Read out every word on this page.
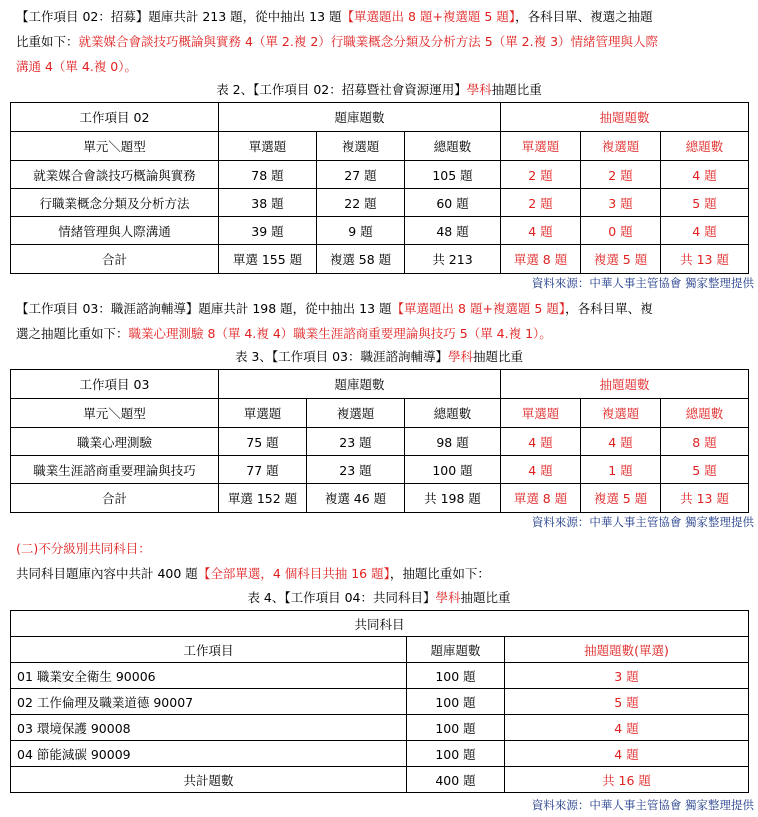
【工作項目 02：招募】題庫共計 213 題，從中抽出 13 題【單選題出 8 題+複選題 5 題】，各科目單、複選之抽題
比重如下：就業媒合會談技巧概論與實務 4（單 2.複 2）行職業概念分類及分析方法 5（單 2.複 3）情緒管理與人際
溝通 4（單 4.複 0）。
表 2、【工作項目 02：招募暨社會資源運用】學科抽題比重
工作項目 02	題庫題數			抽題題數		
單元＼題型	單選題	複選題	總題數	單選題	複選題	總題數
就業媒合會談技巧概論與實務	78 題	27 題	105 題	2 題	2 題	4 題
行職業概念分類及分析方法	38 題	22 題	60 題	2 題	3 題	5 題
情緒管理與人際溝通	39 題	9 題	48 題	4 題	0 題	4 題
合計	單選 155 題	複選 58 題	共 213	單選 8 題	複選 5 題	共 13 題
資料來源：中華人事主管協會 獨家整理提供
【工作項目 03：職涯諮詢輔導】題庫共計 198 題，從中抽出 13 題【單選題出 8 題+複選題 5 題】，各科目單、複
選之抽題比重如下：職業心理測驗 8（單 4.複 4）職業生涯諮商重要理論與技巧 5（單 4.複 1）。
表 3、【工作項目 03：職涯諮詢輔導】學科抽題比重
工作項目 03	題庫題數			抽題題數		
單元＼題型	單選題	複選題	總題數	單選題	複選題	總題數
職業心理測驗	75 題	23 題	98 題	4 題	4 題	8 題
職業生涯諮商重要理論與技巧	77 題	23 題	100 題	4 題	1 題	5 題
合計	單選 152 題	複選 46 題	共 198 題	單選 8 題	複選 5 題	共 13 題
資料來源：中華人事主管協會 獨家整理提供
(二)不分級別共同科目：
共同科目題庫內容中共計 400 題【全部單選，4 個科目共抽 16 題】，抽題比重如下：
表 4、【工作項目 04：共同科目】學科抽題比重
共同科目		
工作項目	題庫題數	抽題題數(單選)
01 職業安全衛生 90006	100 題	3 題
02 工作倫理及職業道德 90007	100 題	5 題
03 環境保護 90008	100 題	4 題
04 節能減碳 90009	100 題	4 題
共計題數	400 題	共 16 題
資料來源：中華人事主管協會 獨家整理提供
